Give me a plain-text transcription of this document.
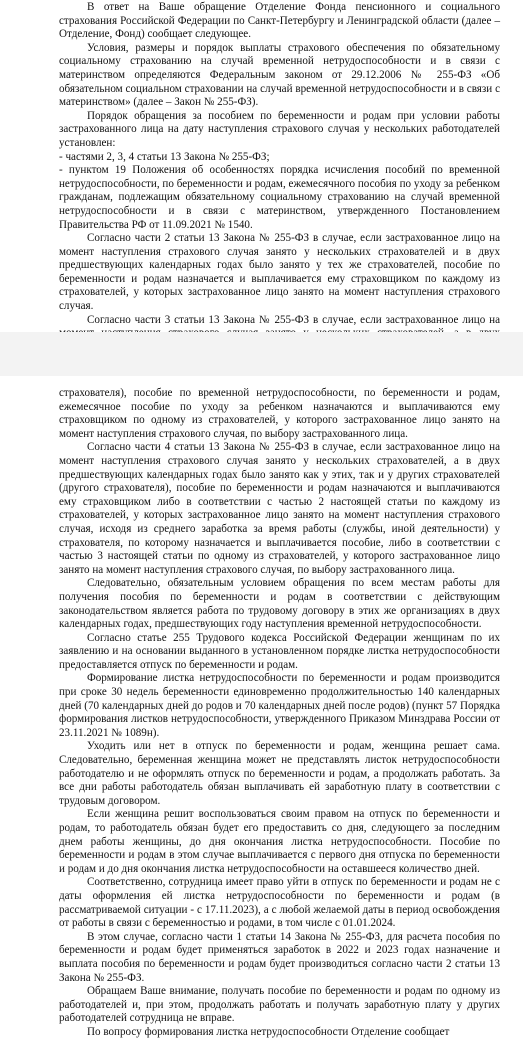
В ответ на Ваше обращение Отделение Фонда пенсионного и социального страхования Российской Федерации по Санкт-Петербургу и Ленинградской области (далее – Отделение, Фонд) сообщает следующее.

Условия, размеры и порядок выплаты страхового обеспечения по обязательному социальному страхованию на случай временной нетрудоспособности и в связи с материнством определяются Федеральным законом от 29.12.2006 № 255-ФЗ «Об обязательном социальном страховании на случай временной нетрудоспособности и в связи с материнством» (далее – Закон № 255-ФЗ).

Порядок обращения за пособием по беременности и родам при условии работы застрахованного лица на дату наступления страхового случая у нескольких работодателей установлен:

- частями 2, 3, 4 статьи 13 Закона № 255-ФЗ;

- пунктом 19 Положения об особенностях порядка исчисления пособий по временной нетрудоспособности, по беременности и родам, ежемесячного пособия по уходу за ребенком гражданам, подлежащим обязательному социальному страхованию на случай временной нетрудоспособности и в связи с материнством, утвержденного Постановлением Правительства РФ от 11.09.2021 № 1540.

Согласно части 2 статьи 13 Закона № 255-ФЗ в случае, если застрахованное лицо на момент наступления страхового случая занято у нескольких страхователей и в двух предшествующих календарных годах было занято у тех же страхователей, пособие по беременности и родам назначается и выплачивается ему страховщиком по каждому из страхователей, у которых застрахованное лицо занято на момент наступления страхового случая.

Согласно части 3 статьи 13 Закона № 255-ФЗ в случае, если застрахованное лицо на

страхователя), пособие по временной нетрудоспособности, по беременности и родам, ежемесячное пособие по уходу за ребенком назначаются и выплачиваются ему страховщиком по одному из страхователей, у которого застрахованное лицо занято на момент наступления страхового случая, по выбору застрахованного лица.

Согласно части 4 статьи 13 Закона № 255-ФЗ в случае, если застрахованное лицо на момент наступления страхового случая занято у нескольких страхователей, а в двух предшествующих календарных годах было занято как у этих, так и у других страхователей (другого страхователя), пособие по беременности и родам назначаются и выплачиваются ему страховщиком либо в соответствии с частью 2 настоящей статьи по каждому из страхователей, у которых застрахованное лицо занято на момент наступления страхового случая, исходя из среднего заработка за время работы (службы, иной деятельности) у страхователя, по которому назначается и выплачивается пособие, либо в соответствии с частью 3 настоящей статьи по одному из страхователей, у которого застрахованное лицо занято на момент наступления страхового случая, по выбору застрахованного лица.

Следовательно, обязательным условием обращения по всем местам работы для получения пособия по беременности и родам в соответствии с действующим законодательством является работа по трудовому договору в этих же организациях в двух календарных годах, предшествующих году наступления временной нетрудоспособности.

Согласно статье 255 Трудового кодекса Российской Федерации женщинам по их заявлению и на основании выданного в установленном порядке листка нетрудоспособности предоставляется отпуск по беременности и родам.

Формирование листка нетрудоспособности по беременности и родам производится при сроке 30 недель беременности единовременно продолжительностью 140 календарных дней (70 календарных дней до родов и 70 календарных дней после родов) (пункт 57 Порядка формирования листков нетрудоспособности, утвержденного Приказом Минздрава России от 23.11.2021 № 1089н).

Уходить или нет в отпуск по беременности и родам, женщина решает сама. Следовательно, беременная женщина может не представлять листок нетрудоспособности работодателю и не оформлять отпуск по беременности и родам, а продолжать работать. За все дни работы работодатель обязан выплачивать ей заработную плату в соответствии с трудовым договором.

Если женщина решит воспользоваться своим правом на отпуск по беременности и родам, то работодатель обязан будет его предоставить со дня, следующего за последним днем работы женщины, до дня окончания листка нетрудоспособности. Пособие по беременности и родам в этом случае выплачивается с первого дня отпуска по беременности и родам и до дня окончания листка нетрудоспособности на оставшееся количество дней.

Соответственно, сотрудница имеет право уйти в отпуск по беременности и родам не с даты оформления ей листка нетрудоспособности по беременности и родам (в рассматриваемой ситуации - с 17.11.2023), а с любой желаемой даты в период освобождения от работы в связи с беременностью и родами, в том числе с 01.01.2024.

В этом случае, согласно части 1 статьи 14 Закона № 255-ФЗ, для расчета пособия по беременности и родам будет применяться заработок в 2022 и 2023 годах назначение и выплата пособия по беременности и родам будет производиться согласно части 2 статьи 13 Закона № 255-ФЗ.

Обращаем Ваше внимание, получать пособие по беременности и родам по одному из работодателей и, при этом, продолжать работать и получать заработную плату у других работодателей сотрудница не вправе.

По вопросу формирования листка нетрудоспособности Отделение сообщает
